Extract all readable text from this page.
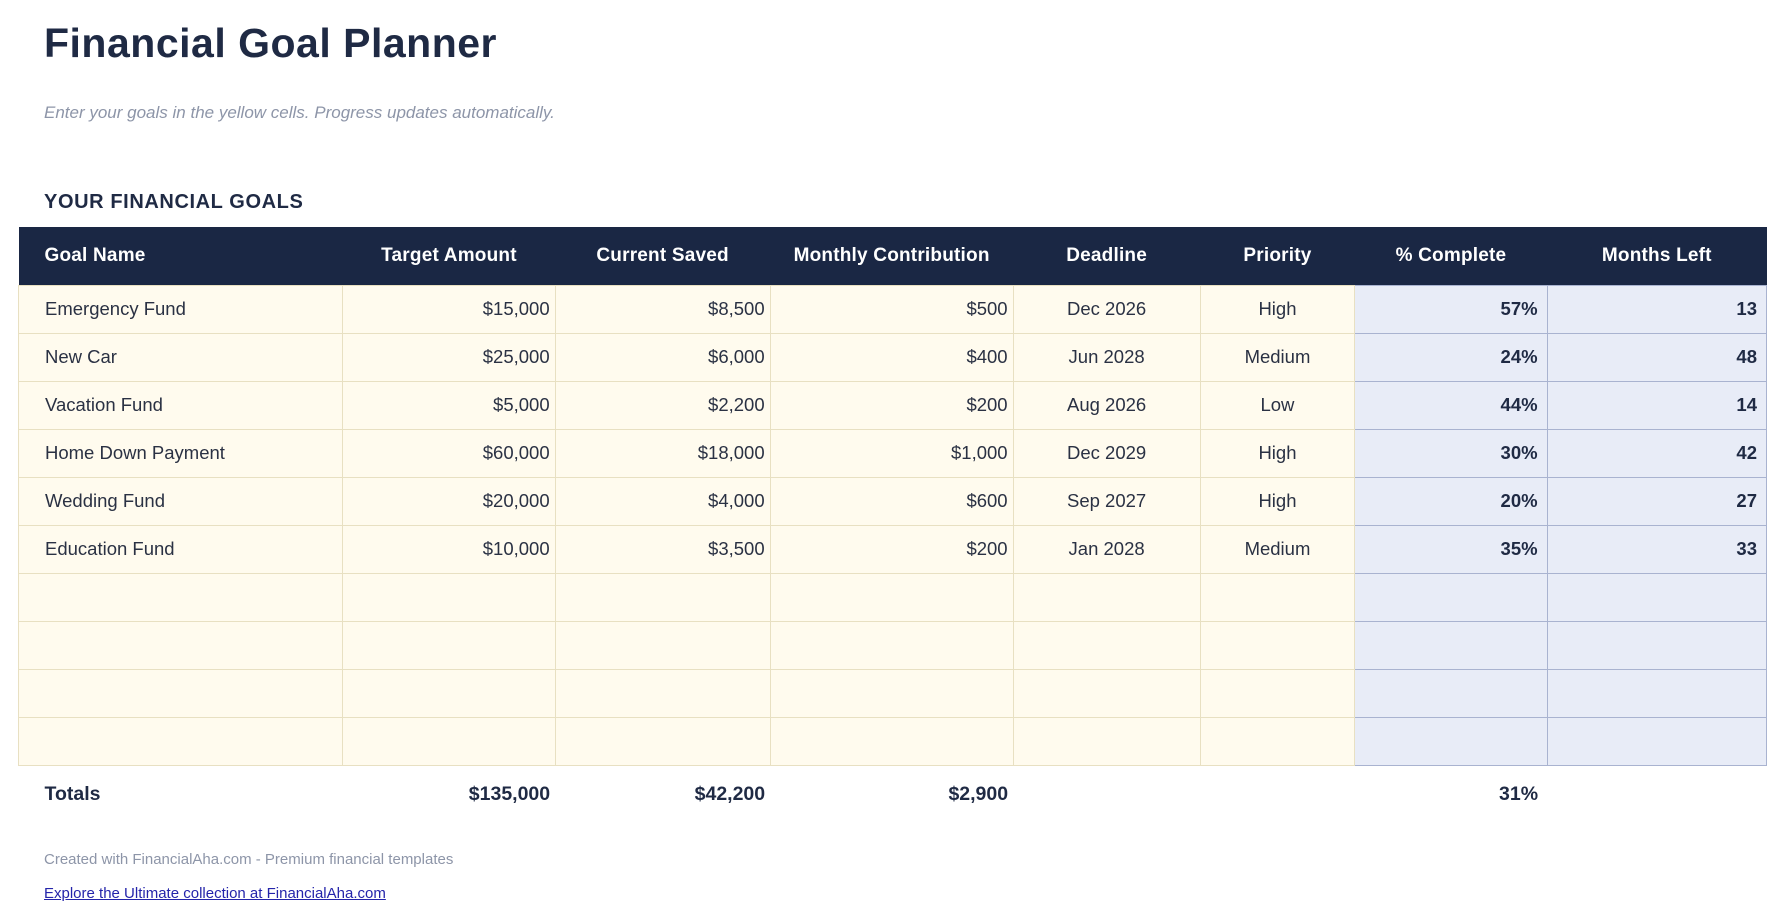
Financial Goal Planner

Enter your goals in the yellow cells. Progress updates automatically.

YOUR FINANCIAL GOALS
Goal Name	Target Amount	Current Saved	Monthly Contribution	Deadline	Priority	% Complete	Months Left
Emergency Fund	$15,000	$8,500	$500	Dec 2026	High	57%	13
New Car	$25,000	$6,000	$400	Jun 2028	Medium	24%	48
Vacation Fund	$5,000	$2,200	$200	Aug 2026	Low	44%	14
Home Down Payment	$60,000	$18,000	$1,000	Dec 2029	High	30%	42
Wedding Fund	$20,000	$4,000	$600	Sep 2027	High	20%	27
Education Fund	$10,000	$3,500	$200	Jan 2028	Medium	35%	33

Totals	$135,000	$42,200	$2,900			31%	

Created with FinancialAha.com - Premium financial templates

Explore the Ultimate collection at FinancialAha.com
